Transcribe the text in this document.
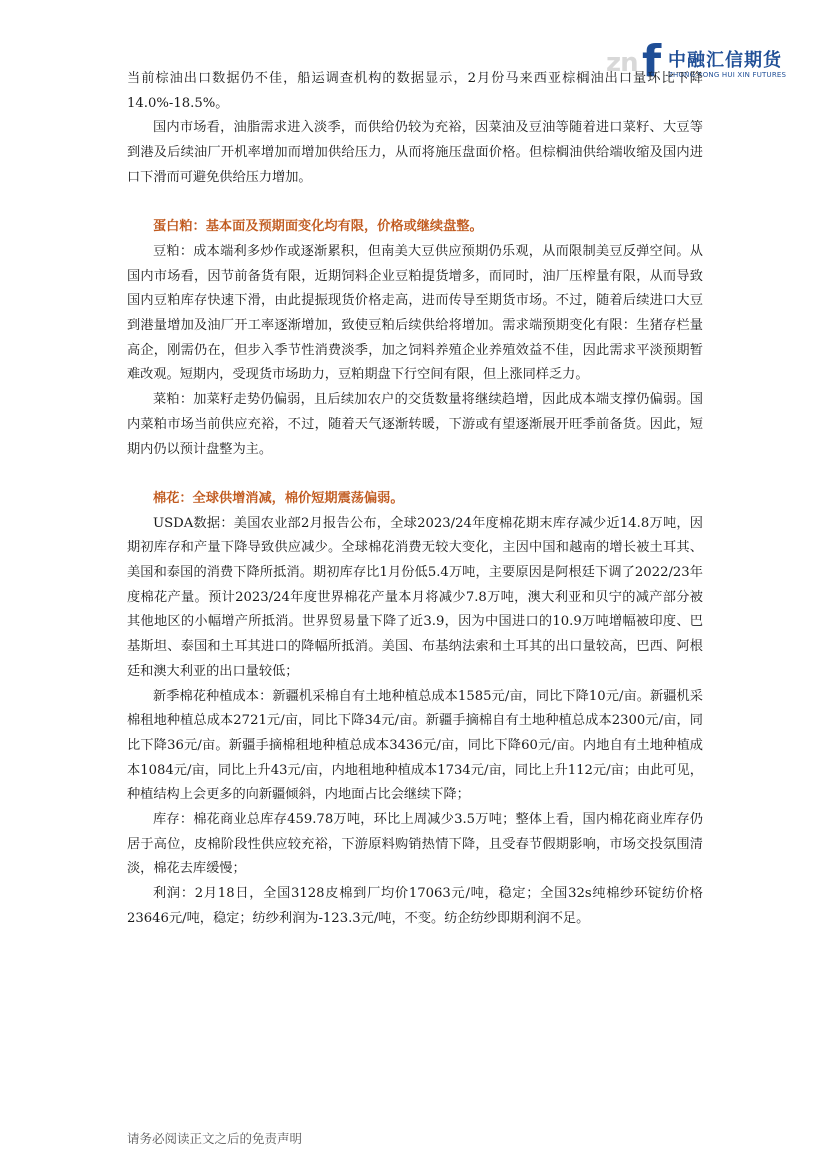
zn f 中融汇信期货
ZHONG RONG HUI XIN FUTURES

当前棕油出口数据仍不佳，船运调查机构的数据显示，2月份马来西亚棕榈油出口量环比下降14.0%-18.5%。

国内市场看，油脂需求进入淡季，而供给仍较为充裕，因菜油及豆油等随着进口菜籽、大豆等到港及后续油厂开机率增加而增加供给压力，从而将施压盘面价格。但棕榈油供给端收缩及国内进口下滑而可避免供给压力增加。

蛋白粕：基本面及预期面变化均有限，价格或继续盘整。

豆粕：成本端利多炒作或逐渐累积，但南美大豆供应预期仍乐观，从而限制美豆反弹空间。从国内市场看，因节前备货有限，近期饲料企业豆粕提货增多，而同时，油厂压榨量有限，从而导致国内豆粕库存快速下滑，由此提振现货价格走高，进而传导至期货市场。不过，随着后续进口大豆到港量增加及油厂开工率逐渐增加，致使豆粕后续供给将增加。需求端预期变化有限：生猪存栏量高企，刚需仍在，但步入季节性消费淡季，加之饲料养殖企业养殖效益不佳，因此需求平淡预期暂难改观。短期内，受现货市场助力，豆粕期盘下行空间有限，但上涨同样乏力。

菜粕：加菜籽走势仍偏弱，且后续加农户的交货数量将继续趋增，因此成本端支撑仍偏弱。国内菜粕市场当前供应充裕，不过，随着天气逐渐转暖，下游或有望逐渐展开旺季前备货。因此，短期内仍以预计盘整为主。

棉花：全球供增消减，棉价短期震荡偏弱。

USDA数据：美国农业部2月报告公布，全球2023/24年度棉花期末库存减少近14.8万吨，因期初库存和产量下降导致供应减少。全球棉花消费无较大变化，主因中国和越南的增长被土耳其、美国和泰国的消费下降所抵消。期初库存比1月份低5.4万吨，主要原因是阿根廷下调了2022/23年度棉花产量。预计2023/24年度世界棉花产量本月将减少7.8万吨，澳大利亚和贝宁的减产部分被其他地区的小幅增产所抵消。世界贸易量下降了近3.9，因为中国进口的10.9万吨增幅被印度、巴基斯坦、泰国和土耳其进口的降幅所抵消。美国、布基纳法索和土耳其的出口量较高，巴西、阿根廷和澳大利亚的出口量较低；

新季棉花种植成本：新疆机采棉自有土地种植总成本1585元/亩，同比下降10元/亩。新疆机采棉租地种植总成本2721元/亩，同比下降34元/亩。新疆手摘棉自有土地种植总成本2300元/亩，同比下降36元/亩。新疆手摘棉租地种植总成本3436元/亩，同比下降60元/亩。内地自有土地种植成本1084元/亩，同比上升43元/亩，内地租地种植成本1734元/亩，同比上升112元/亩；由此可见，种植结构上会更多的向新疆倾斜，内地面占比会继续下降；

库存：棉花商业总库存459.78万吨，环比上周减少3.5万吨；整体上看，国内棉花商业库存仍居于高位，皮棉阶段性供应较充裕，下游原料购销热情下降，且受春节假期影响，市场交投氛围清淡，棉花去库缓慢；

利润：2月18日，全国3128皮棉到厂均价17063元/吨，稳定；全国32s纯棉纱环锭纺价格23646元/吨，稳定；纺纱利润为-123.3元/吨，不变。纺企纺纱即期利润不足。

请务必阅读正文之后的免责声明
